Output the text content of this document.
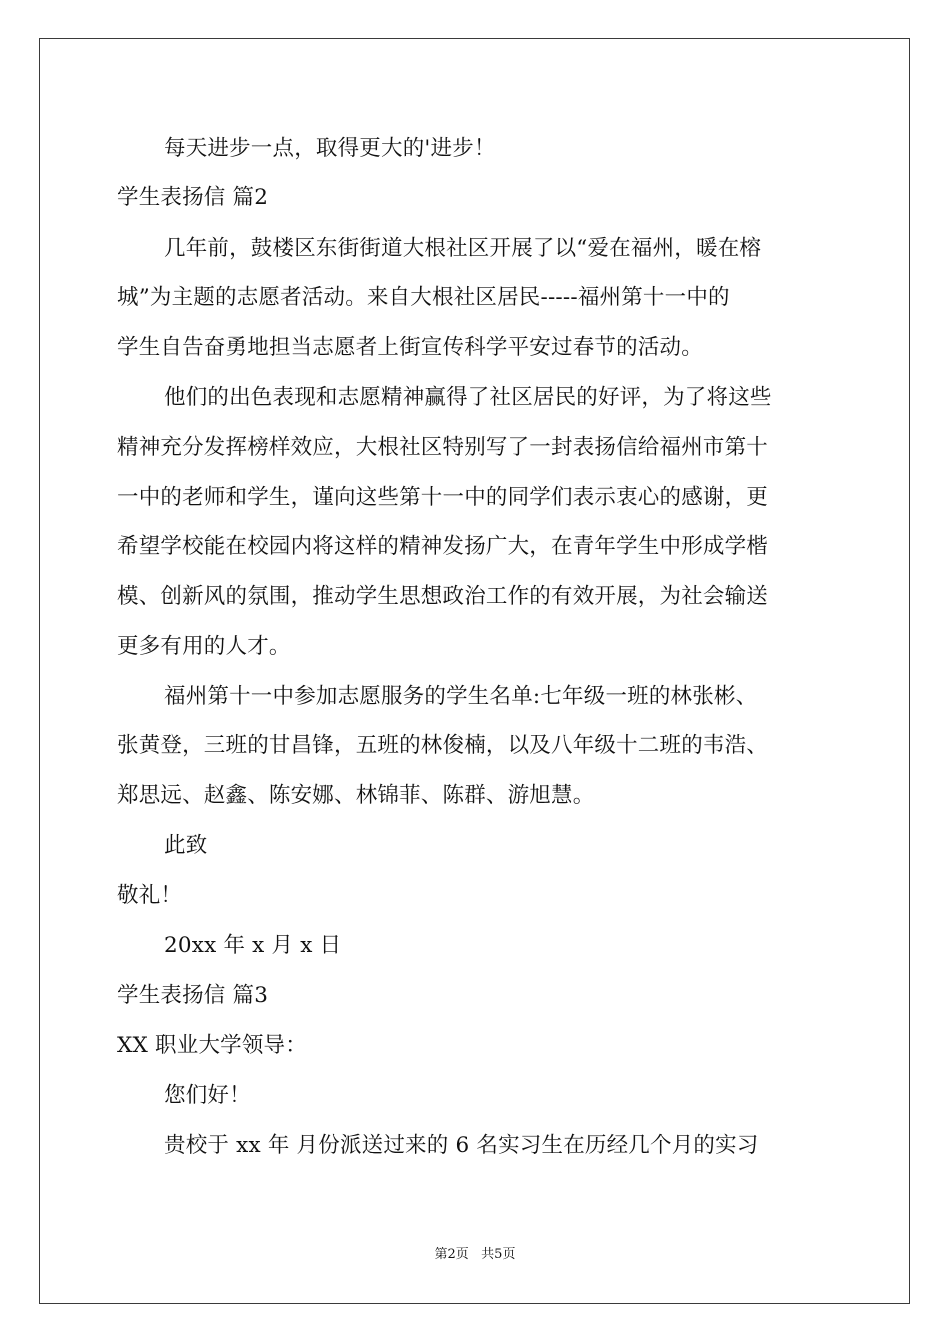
每天进步一点，取得更大的'进步！
学生表扬信 篇2
几年前，鼓楼区东街街道大根社区开展了以“爱在福州，暖在榕
城”为主题的志愿者活动。来自大根社区居民-----福州第十一中的
学生自告奋勇地担当志愿者上街宣传科学平安过春节的活动。
他们的出色表现和志愿精神赢得了社区居民的好评，为了将这些
精神充分发挥榜样效应，大根社区特别写了一封表扬信给福州市第十
一中的老师和学生，谨向这些第十一中的同学们表示衷心的感谢，更
希望学校能在校园内将这样的精神发扬广大，在青年学生中形成学楷
模、创新风的氛围，推动学生思想政治工作的有效开展，为社会输送
更多有用的人才。
福州第十一中参加志愿服务的学生名单:七年级一班的林张彬、
张黄登，三班的甘昌锋，五班的林俊楠，以及八年级十二班的韦浩、
郑思远、赵鑫、陈安娜、林锦菲、陈群、游旭慧。
此致
敬礼！
20xx 年 x 月 x 日
学生表扬信 篇3
XX 职业大学领导：
您们好！
贵校于 xx 年 月份派送过来的 6 名实习生在历经几个月的实习
第2页   共5页
